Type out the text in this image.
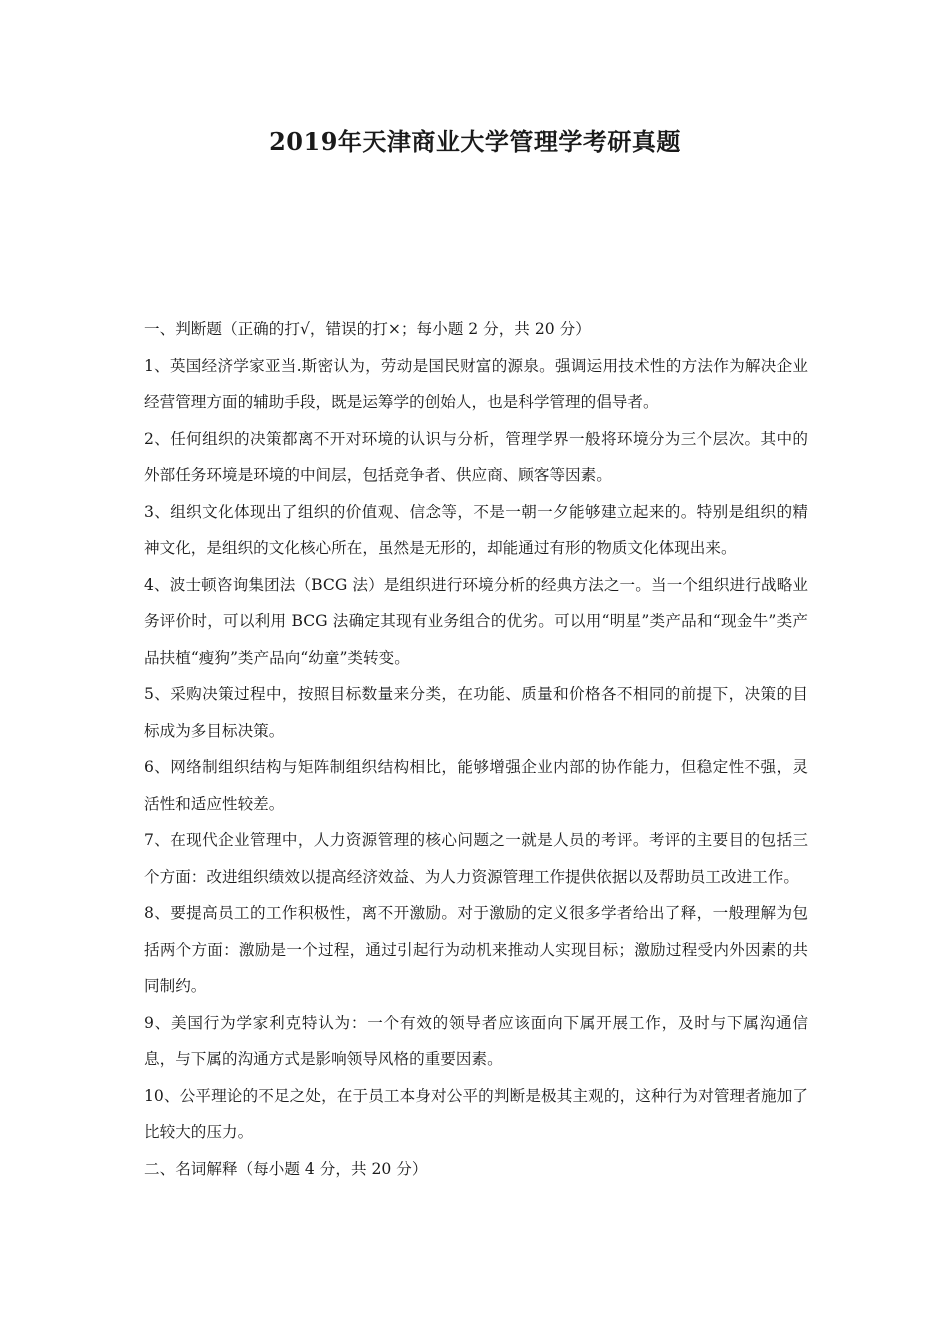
2019年天津商业大学管理学考研真题

一、判断题（正确的打√，错误的打×；每小题 2 分，共 20 分）

1、英国经济学家亚当.斯密认为，劳动是国民财富的源泉。强调运用技术性的方法作为解决企业经营管理方面的辅助手段，既是运筹学的创始人，也是科学管理的倡导者。

2、任何组织的决策都离不开对环境的认识与分析，管理学界一般将环境分为三个层次。其中的外部任务环境是环境的中间层，包括竞争者、供应商、顾客等因素。

3、组织文化体现出了组织的价值观、信念等，不是一朝一夕能够建立起来的。特别是组织的精神文化，是组织的文化核心所在，虽然是无形的，却能通过有形的物质文化体现出来。

4、波士顿咨询集团法（BCG 法）是组织进行环境分析的经典方法之一。当一个组织进行战略业务评价时，可以利用 BCG 法确定其现有业务组合的优劣。可以用“明星”类产品和“现金牛”类产品扶植“瘦狗”类产品向“幼童”类转变。

5、采购决策过程中，按照目标数量来分类，在功能、质量和价格各不相同的前提下，决策的目标成为多目标决策。

6、网络制组织结构与矩阵制组织结构相比，能够增强企业内部的协作能力，但稳定性不强，灵活性和适应性较差。

7、在现代企业管理中，人力资源管理的核心问题之一就是人员的考评。考评的主要目的包括三个方面：改进组织绩效以提高经济效益、为人力资源管理工作提供依据以及帮助员工改进工作。

8、要提高员工的工作积极性，离不开激励。对于激励的定义很多学者给出了释，一般理解为包括两个方面：激励是一个过程，通过引起行为动机来推动人实现目标；激励过程受内外因素的共同制约。

9、美国行为学家利克特认为：一个有效的领导者应该面向下属开展工作，及时与下属沟通信息，与下属的沟通方式是影响领导风格的重要因素。

10、公平理论的不足之处，在于员工本身对公平的判断是极其主观的，这种行为对管理者施加了比较大的压力。

二、名词解释（每小题 4 分，共 20 分）
